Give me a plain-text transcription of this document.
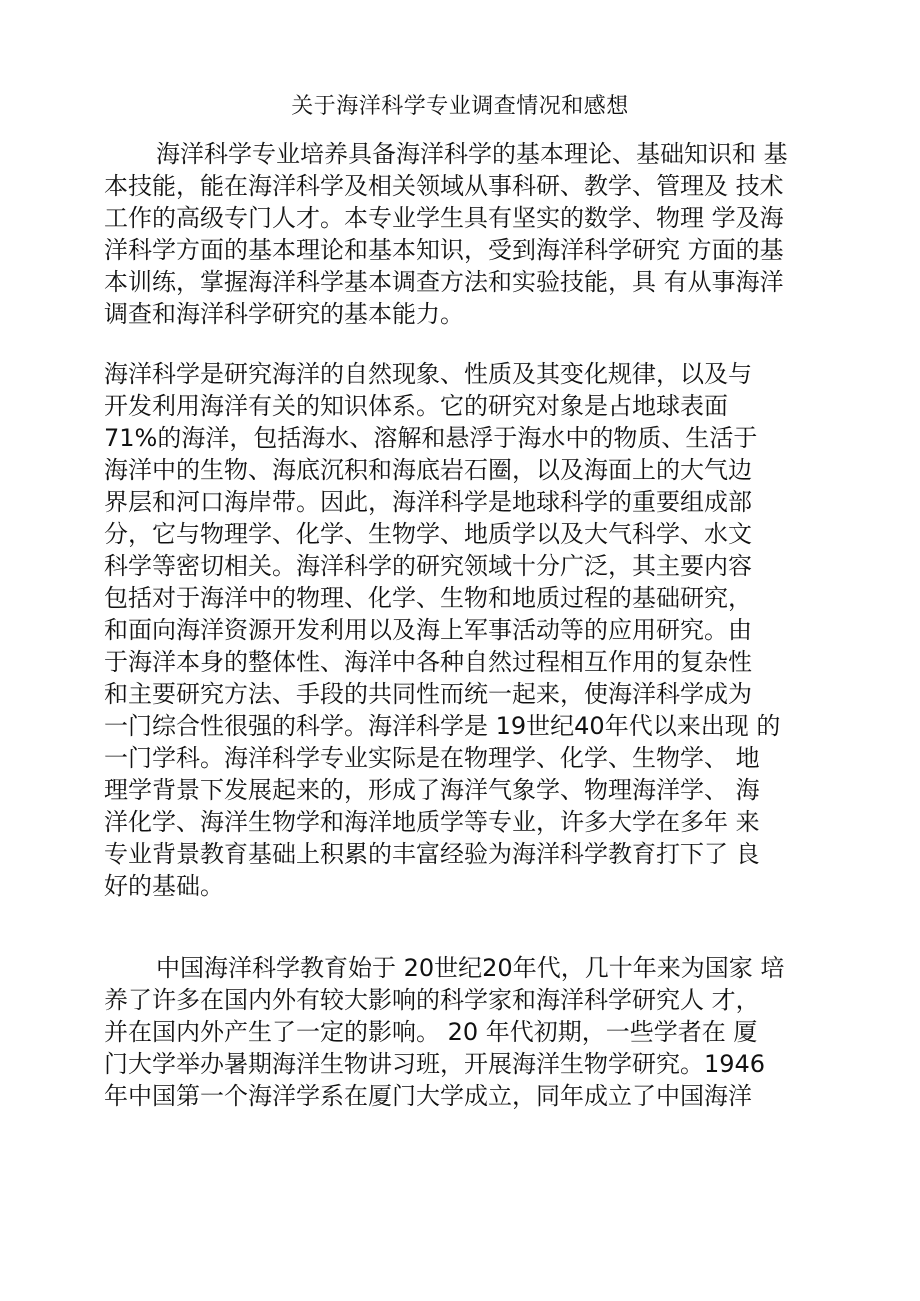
关于海洋科学专业调查情况和感想
海洋科学专业培养具备海洋科学的基本理论、基础知识和 基
本技能，能在海洋科学及相关领域从事科研、教学、管理及 技术
工作的高级专门人才。本专业学生具有坚实的数学、物理 学及海
洋科学方面的基本理论和基本知识，受到海洋科学研究 方面的基
本训练，掌握海洋科学基本调查方法和实验技能，具 有从事海洋
调查和海洋科学研究的基本能力。
海洋科学是研究海洋的自然现象、性质及其变化规律，以及与
开发利用海洋有关的知识体系。它的研究对象是占地球表面
71%的海洋，包括海水、溶解和悬浮于海水中的物质、生活于
海洋中的生物、海底沉积和海底岩石圈，以及海面上的大气边
界层和河口海岸带。因此，海洋科学是地球科学的重要组成部
分，它与物理学、化学、生物学、地质学以及大气科学、水文
科学等密切相关。海洋科学的研究领域十分广泛，其主要内容
包括对于海洋中的物理、化学、生物和地质过程的基础研究，
和面向海洋资源开发利用以及海上军事活动等的应用研究。由
于海洋本身的整体性、海洋中各种自然过程相互作用的复杂性
和主要研究方法、手段的共同性而统一起来，使海洋科学成为
一门综合性很强的科学。海洋科学是 19世纪40年代以来出现 的
一门学科。海洋科学专业实际是在物理学、化学、生物学、 地
理学背景下发展起来的，形成了海洋气象学、物理海洋学、 海
洋化学、海洋生物学和海洋地质学等专业，许多大学在多年 来
专业背景教育基础上积累的丰富经验为海洋科学教育打下了 良
好的基础。
中国海洋科学教育始于 20世纪20年代，几十年来为国家 培
养了许多在国内外有较大影响的科学家和海洋科学研究人 才，
并在国内外产生了一定的影响。 20 年代初期，一些学者在 厦
门大学举办暑期海洋生物讲习班，开展海洋生物学研究。1946
年中国第一个海洋学系在厦门大学成立，同年成立了中国海洋
